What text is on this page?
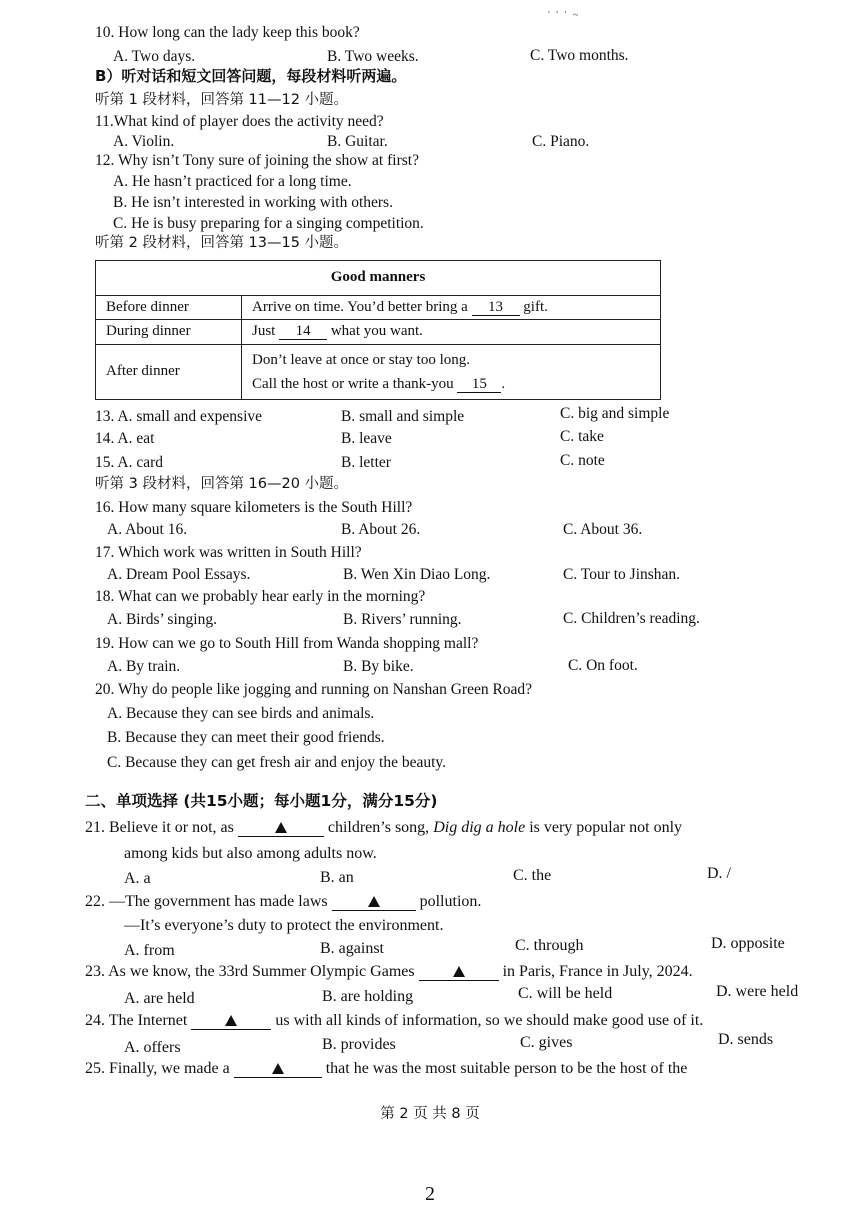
' ' ' ~
10. How long can the lady keep this book?
A. Two days.	B. Two weeks.	C. Two months.
B）听对话和短文回答问题，每段材料听两遍。
听第 1 段材料，回答第 11—12 小题。
11.What kind of player does the activity need?
A. Violin.	B. Guitar.	C. Piano.
12. Why isn’t Tony sure of joining the show at first?
A. He hasn’t practiced for a long time.
B. He isn’t interested in working with others.
C. He is busy preparing for a singing competition.
听第 2 段材料，回答第 13—15 小题。
Good manners	
Before dinner	Arrive on time. You’d better bring a 13 gift.
During dinner	Just 14 what you want.
After dinner	Don’t leave at once or stay too long.
Call the host or write a thank-you 15 .
13. A. small and expensive	B. small and simple	C. big and simple
14. A. eat	B. leave	C. take
15. A. card	B. letter	C. note
听第 3 段材料，回答第 16—20 小题。
16. How many square kilometers is the South Hill?
A. About 16.	B. About 26.	C. About 36.
17. Which work was written in South Hill?
A. Dream Pool Essays.	B. Wen Xin Diao Long.	C. Tour to Jinshan.
18. What can we probably hear early in the morning?
A. Birds’ singing.	B. Rivers’ running.	C. Children’s reading.
19. How can we go to South Hill from Wanda shopping mall?
A. By train.	B. By bike.	C. On foot.
20. Why do people like jogging and running on Nanshan Green Road?
A. Because they can see birds and animals.
B. Because they can meet their good friends.
C. Because they can get fresh air and enjoy the beauty.
二、单项选择 (共15小题；每小题1分，满分15分)
21. Believe it or not, as	children’s song, Dig dig a hole is very popular not only
among kids but also among adults now.
A. a	B. an	C. the	D. /
22. —The government has made laws	pollution.
—It’s everyone’s duty to protect the environment.
A. from	B. against	C. through	D. opposite
23. As we know, the 33rd Summer Olympic Games	in Paris, France in July, 2024.
A. are held	B. are holding	C. will be held	D. were held
24. The Internet	us with all kinds of information, so we should make good use of it.
A. offers	B. provides	C. gives	D. sends
25. Finally, we made a	that he was the most suitable person to be the host of the
第 2 页 共 8 页
2
